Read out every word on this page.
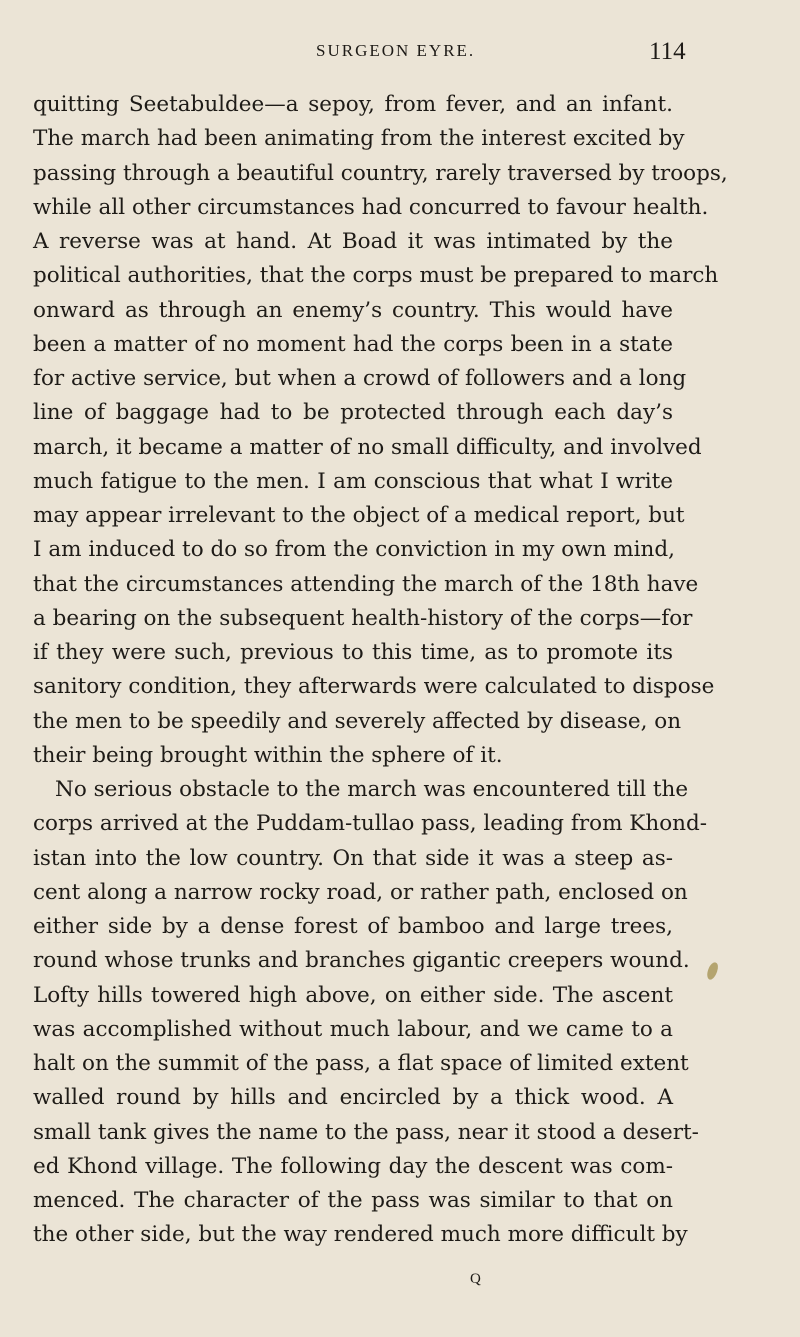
SURGEON EYRE.	114
quitting Seetabuldee—a sepoy, from fever, and an infant.
The march had been animating from the interest excited by
passing through a beautiful country, rarely traversed by troops,
while all other circumstances had concurred to favour health.
A reverse was at hand. At Boad it was intimated by the
political authorities, that the corps must be prepared to march
onward as through an enemy’s country. This would have
been a matter of no moment had the corps been in a state
for active service, but when a crowd of followers and a long
line of baggage had to be protected through each day’s
march, it became a matter of no small difficulty, and involved
much fatigue to the men. I am conscious that what I write
may appear irrelevant to the object of a medical report, but
I am induced to do so from the conviction in my own mind,
that the circumstances attending the march of the 18th have
a bearing on the subsequent health-history of the corps—for
if they were such, previous to this time, as to promote its
sanitory condition, they afterwards were calculated to dispose
the men to be speedily and severely affected by disease, on
their being brought within the sphere of it.
No serious obstacle to the march was encountered till the
corps arrived at the Puddam-tullao pass, leading from Khond-
istan into the low country. On that side it was a steep as-
cent along a narrow rocky road, or rather path, enclosed on
either side by a dense forest of bamboo and large trees,
round whose trunks and branches gigantic creepers wound.
Lofty hills towered high above, on either side. The ascent
was accomplished without much labour, and we came to a
halt on the summit of the pass, a flat space of limited extent
walled round by hills and encircled by a thick wood. A
small tank gives the name to the pass, near it stood a desert-
ed Khond village. The following day the descent was com-
menced. The character of the pass was similar to that on
the other side, but the way rendered much more difficult by
Q
